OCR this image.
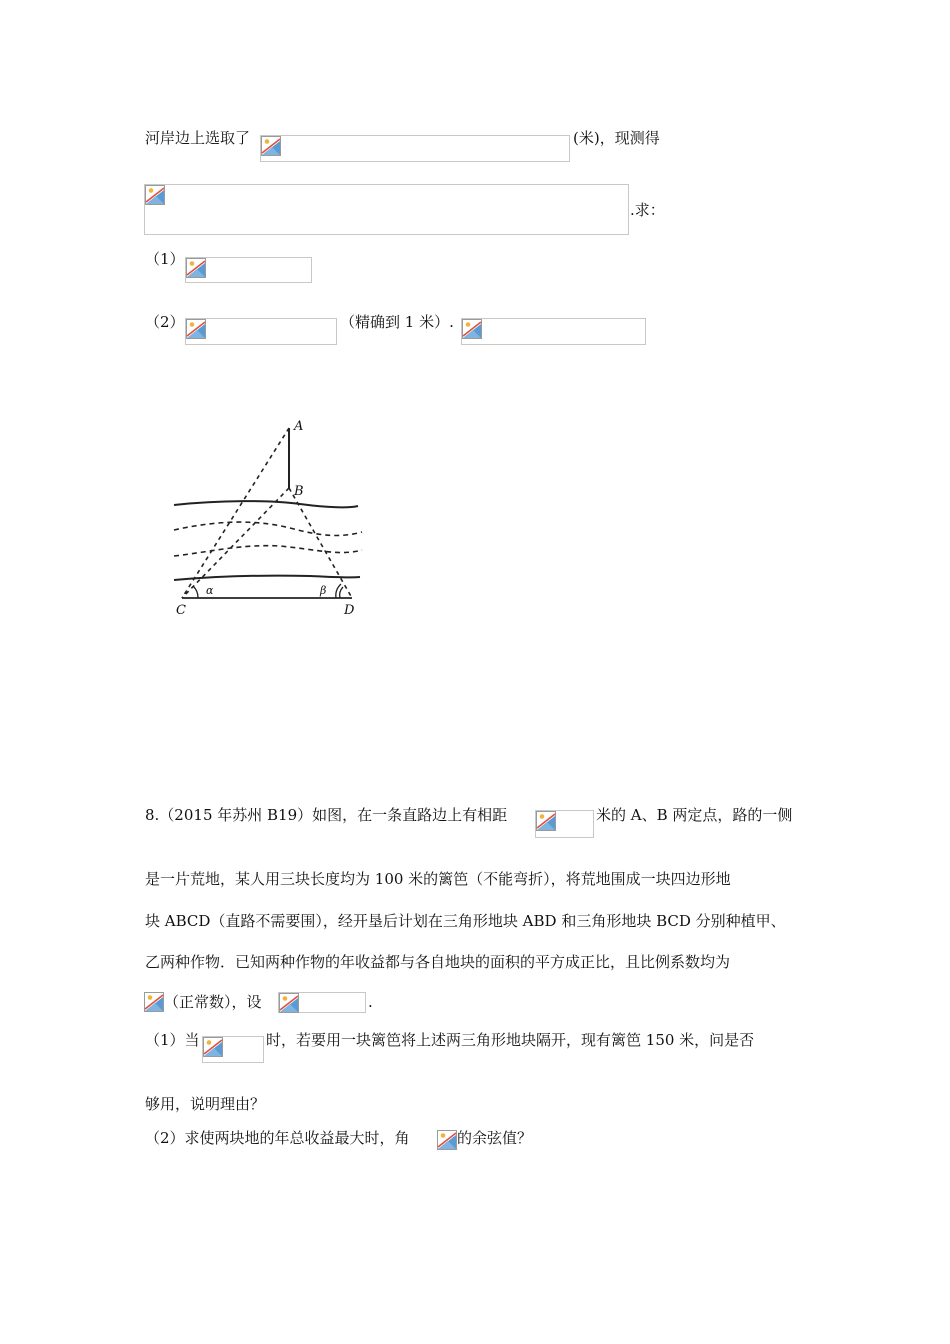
河岸边上选取了	(米)，现测得
.求：
（1）
（2）	（精确到 1 米）.
A
B
C	D
α	β
8.（2015 年苏州 B19）如图，在一条直路边上有相距	米的 A、B 两定点，路的一侧
是一片荒地，某人用三块长度均为 100 米的篱笆（不能弯折），将荒地围成一块四边形地
块 ABCD（直路不需要围），经开垦后计划在三角形地块 ABD 和三角形地块 BCD 分别种植甲、
乙两种作物．已知两种作物的年收益都与各自地块的面积的平方成正比，且比例系数均为
（正常数），设	.
（1）当	时，若要用一块篱笆将上述两三角形地块隔开，现有篱笆 150 米，问是否
够用，说明理由？
（2）求使两块地的年总收益最大时，角	的余弦值？
